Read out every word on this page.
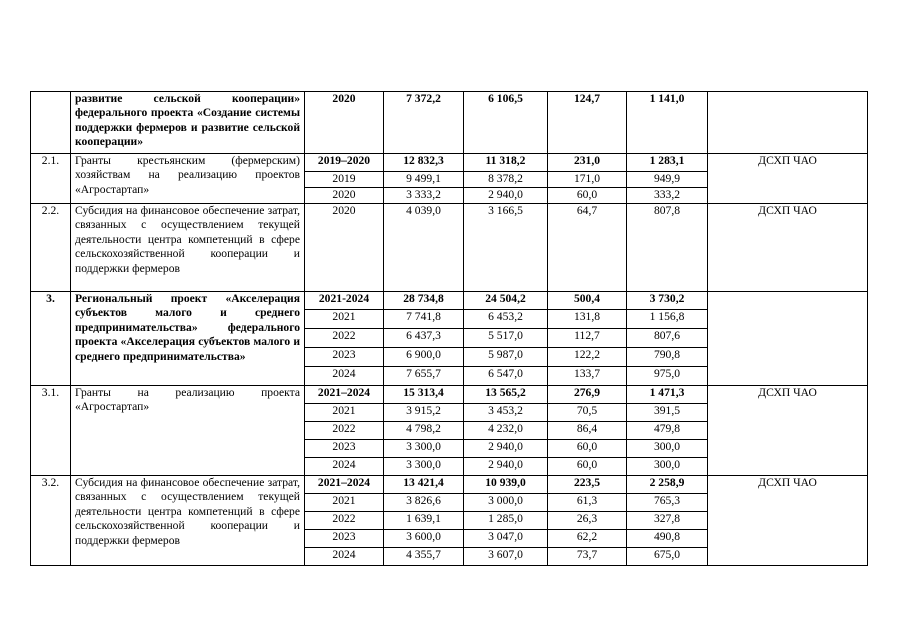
	развитие сельской кооперации» федерального проекта «Создание системы поддержки фермеров и развитие сельской кооперации»	2020	7 372,2	6 106,5	124,7	1 141,0	
2.1.	Гранты крестьянским (фермерским) хозяйствам на реализацию проектов «Агростартап»	2019–2020	12 832,3	11 318,2	231,0	1 283,1	ДСХП ЧАО
		2019	9 499,1	8 378,2	171,0	949,9	
		2020	3 333,2	2 940,0	60,0	333,2	
2.2.	Субсидия на финансовое обеспечение затрат, связанных с осуществлением текущей деятельности центра компетенций в сфере сельскохозяйственной кооперации и поддержки фермеров	2020	4 039,0	3 166,5	64,7	807,8	ДСХП ЧАО
3.	Региональный проект «Акселерация субъектов малого и среднего предпринимательства» федерального проекта «Акселерация субъектов малого и среднего предпринимательства»	2021-2024	28 734,8	24 504,2	500,4	3 730,2	
		2021	7 741,8	6 453,2	131,8	1 156,8	
		2022	6 437,3	5 517,0	112,7	807,6	
		2023	6 900,0	5 987,0	122,2	790,8	
		2024	7 655,7	6 547,0	133,7	975,0	
3.1.	Гранты на реализацию проекта «Агростартап»	2021–2024	15 313,4	13 565,2	276,9	1 471,3	ДСХП ЧАО
		2021	3 915,2	3 453,2	70,5	391,5	
		2022	4 798,2	4 232,0	86,4	479,8	
		2023	3 300,0	2 940,0	60,0	300,0	
		2024	3 300,0	2 940,0	60,0	300,0	
3.2.	Субсидия на финансовое обеспечение затрат, связанных с осуществлением текущей деятельности центра компетенций в сфере сельскохозяйственной кооперации и поддержки фермеров	2021–2024	13 421,4	10 939,0	223,5	2 258,9	ДСХП ЧАО
		2021	3 826,6	3 000,0	61,3	765,3	
		2022	1 639,1	1 285,0	26,3	327,8	
		2023	3 600,0	3 047,0	62,2	490,8	
		2024	4 355,7	3 607,0	73,7	675,0	
